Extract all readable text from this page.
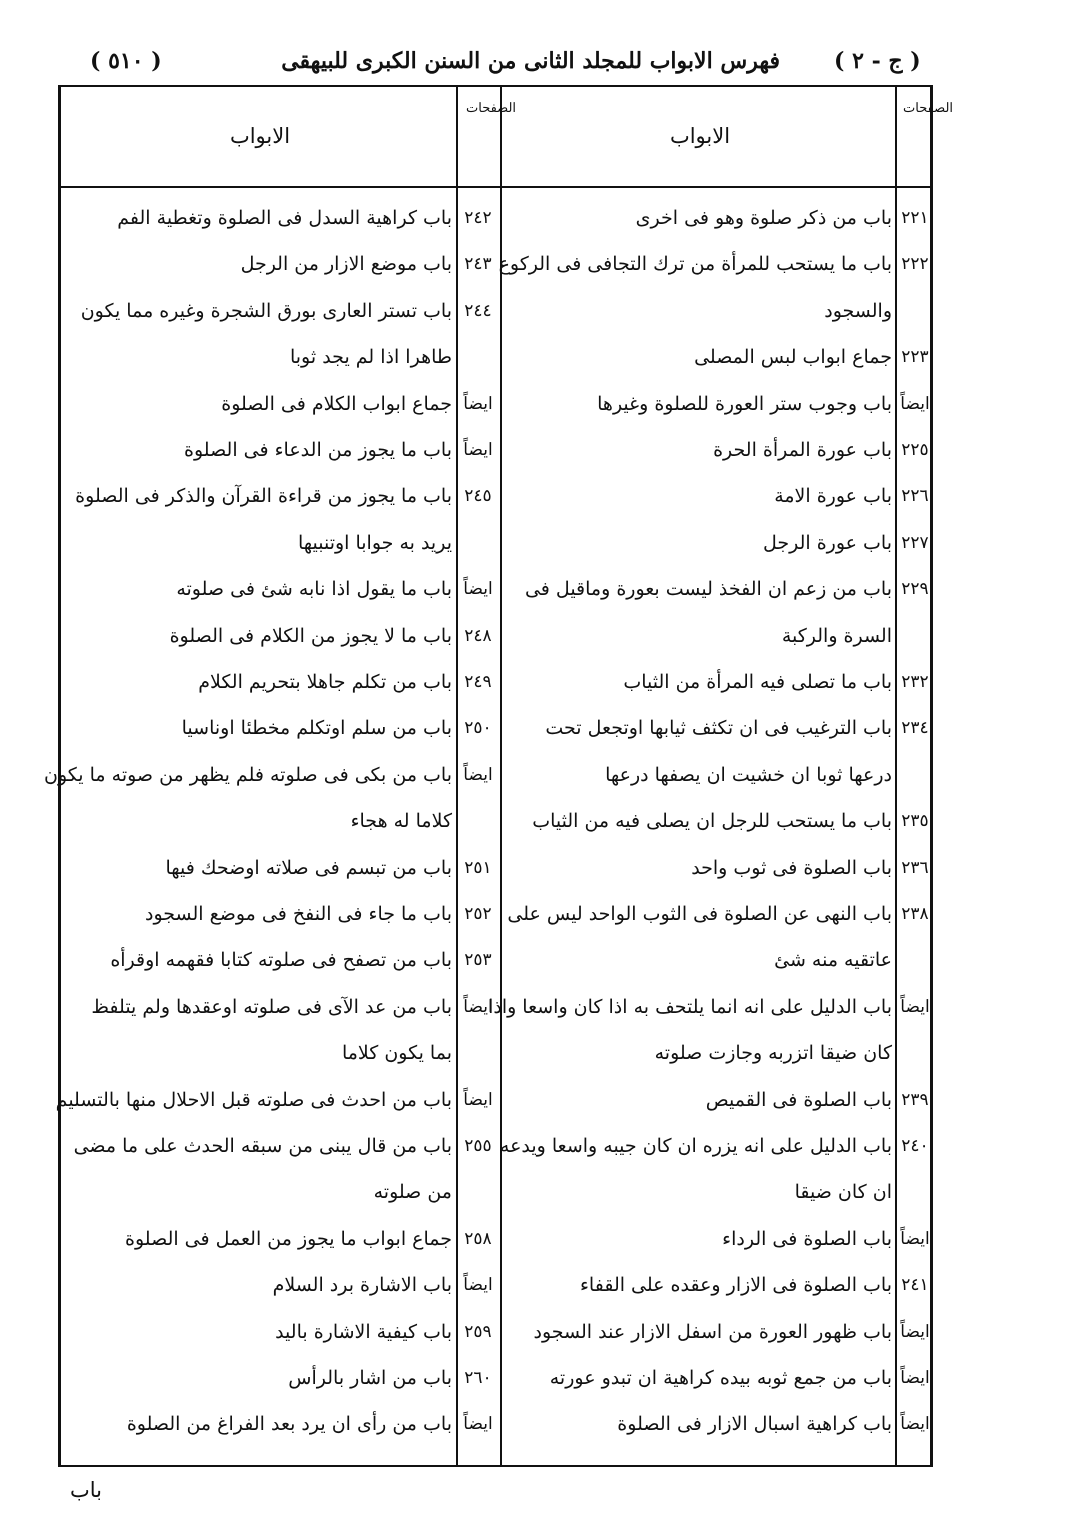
( ج - ٢ )
فهرس الابواب للمجلد الثانى من السنن الكبرى للبيهقى
( ٥١٠ )
الصفحات
الابواب
الصفحات
الابواب
٢٢١
باب من ذكر صلوة وهو فى اخرى
٢٢٢
باب ما يستحب للمرأة من ترك التجافى فى الركوع
والسجود
٢٢٣
جماع ابواب لبس المصلى
ايضاً
باب وجوب ستر العورة للصلوة وغيرها
٢٢٥
باب عورة المرأة الحرة
٢٢٦
باب عورة الامة
٢٢٧
باب عورة الرجل
٢٢٩
باب من زعم ان الفخذ ليست بعورة وماقيل فى
السرة والركبة
٢٣٢
باب ما تصلى فيه المرأة من الثياب
٢٣٤
باب الترغيب فى ان تكثف ثيابها اوتجعل تحت
درعها ثوبا ان خشيت ان يصفها درعها
٢٣٥
باب ما يستحب للرجل ان يصلى فيه من الثياب
٢٣٦
باب الصلوة فى ثوب واحد
٢٣٨
باب النهى عن الصلوة فى الثوب الواحد ليس على
عاتقيه منه شئ
ايضاً
باب الدليل على انه انما يلتحف به اذا كان واسعا واذا
كان ضيقا اتزربه وجازت صلوته
٢٣٩
باب الصلوة فى القميص
٢٤٠
باب الدليل على انه يزره ان كان جيبه واسعا ويدعه
ان كان ضيقا
ايضاً
باب الصلوة فى الرداء
٢٤١
باب الصلوة فى الازار وعقده على القفاء
ايضاً
باب ظهور العورة من اسفل الازار عند السجود
ايضاً
باب من جمع ثوبه بيده كراهية ان تبدو عورته
ايضاً
باب كراهية اسبال الازار فى الصلوة
٢٤٢
باب كراهية السدل فى الصلوة وتغطية الفم
٢٤٣
باب موضع الازار من الرجل
٢٤٤
باب تستر العارى بورق الشجرة وغيره مما يكون
طاهرا اذا لم يجد ثوبا
ايضاً
جماع ابواب الكلام فى الصلوة
ايضاً
باب ما يجوز من الدعاء فى الصلوة
٢٤٥
باب ما يجوز من قراءة القرآن والذكر فى الصلوة
يريد به جوابا اوتنبيها
ايضاً
باب ما يقول اذا نابه شئ فى صلوته
٢٤٨
باب ما لا يجوز من الكلام فى الصلوة
٢٤٩
باب من تكلم جاهلا بتحريم الكلام
٢٥٠
باب من سلم اوتكلم مخطئا اوناسيا
ايضاً
باب من بكى فى صلوته فلم يظهر من صوته ما يكون
كلاما له هجاء
٢٥١
باب من تبسم فى صلاته اوضحك فيها
٢٥٢
باب ما جاء فى النفخ فى موضع السجود
٢٥٣
باب من تصفح فى صلوته كتابا فقهمه اوقرأه
ايضاً
باب من عد الآى فى صلوته اوعقدها ولم يتلفظ
بما يكون كلاما
ايضاً
باب من احدث فى صلوته قبل الاحلال منها بالتسليم
٢٥٥
باب من قال يبنى من سبقه الحدث على ما مضى
من صلوته
٢٥٨
جماع ابواب ما يجوز من العمل فى الصلوة
ايضاً
باب الاشارة برد السلام
٢٥٩
باب كيفية الاشارة باليد
٢٦٠
باب من اشار بالرأس
ايضاً
باب من رأى ان يرد بعد الفراغ من الصلوة
باب
